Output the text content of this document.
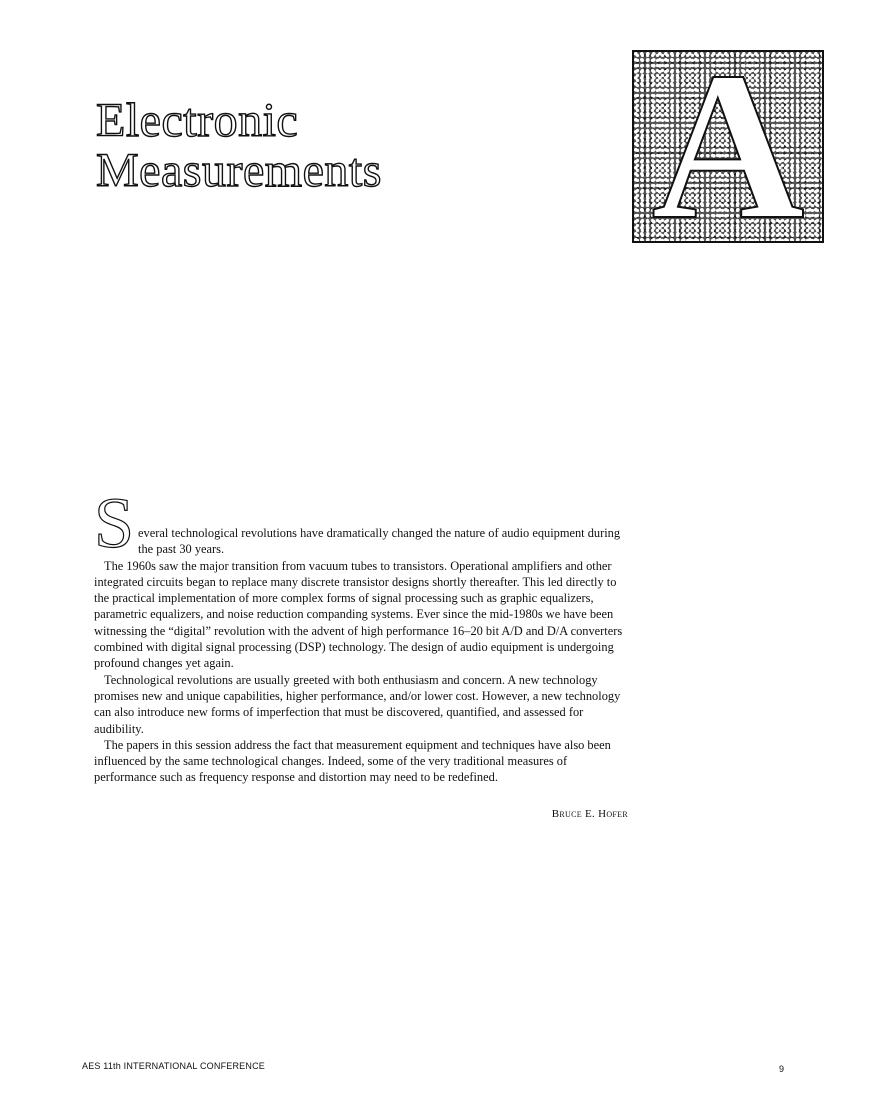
Electronic
Measurements A
S everal technological revolutions have dramatically changed the nature of audio equipment during the past 30 years.

The 1960s saw the major transition from vacuum tubes to transistors. Operational amplifiers and other integrated circuits began to replace many discrete transistor designs shortly thereafter. This led directly to the practical implementation of more complex forms of signal processing such as graphic equalizers, parametric equalizers, and noise reduction companding systems. Ever since the mid-1980s we have been witnessing the “digital” revolution with the advent of high performance 16–20 bit A/D and D/A converters combined with digital signal processing (DSP) technology. The design of audio equipment is undergoing profound changes yet again.

Technological revolutions are usually greeted with both enthusiasm and concern. A new technology promises new and unique capabilities, higher performance, and/or lower cost. However, a new technology can also introduce new forms of imperfection that must be discovered, quantified, and assessed for audibility.

The papers in this session address the fact that measurement equipment and techniques have also been influenced by the same technological changes. Indeed, some of the very traditional measures of performance such as frequency response and distortion may need to be redefined.

Bruce E. Hofer
AES 11th INTERNATIONAL CONFERENCE	9
